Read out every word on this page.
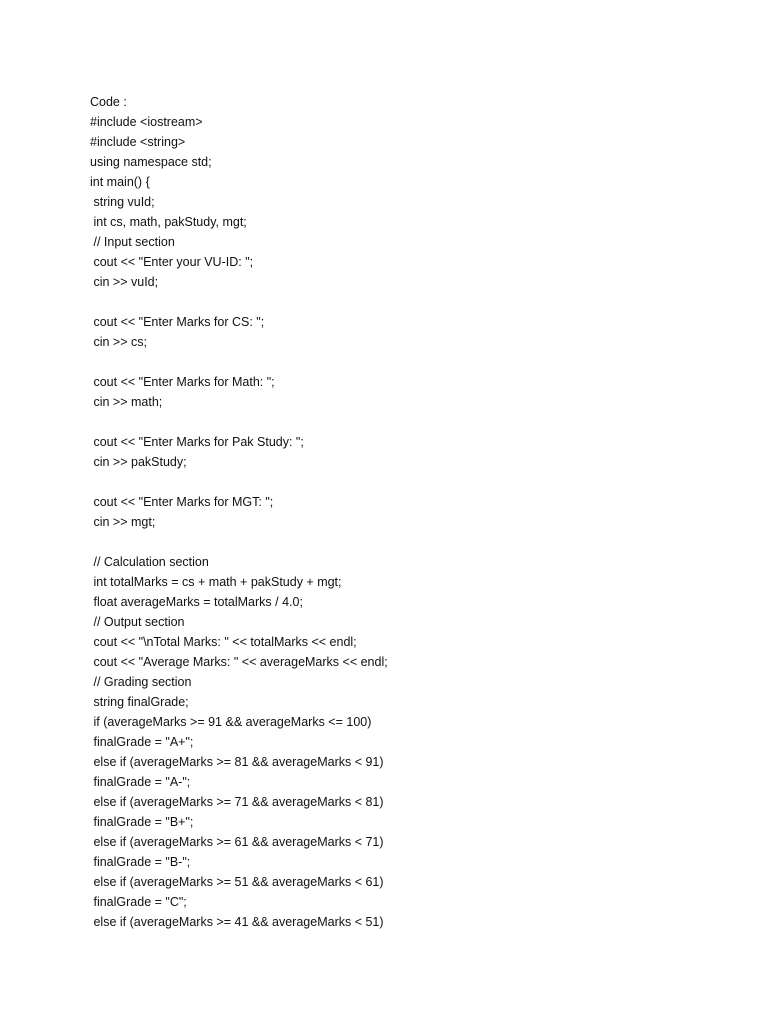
Code :

#include <iostream>

#include <string>

using namespace std;

int main() {

string vuId;

int cs, math, pakStudy, mgt;

// Input section

cout << "Enter your VU-ID: ";

cin >> vuId;

cout << "Enter Marks for CS: ";

cin >> cs;

cout << "Enter Marks for Math: ";

cin >> math;

cout << "Enter Marks for Pak Study: ";

cin >> pakStudy;

cout << "Enter Marks for MGT: ";

cin >> mgt;

// Calculation section

int totalMarks = cs + math + pakStudy + mgt;

float averageMarks = totalMarks / 4.0;

// Output section

cout << "\nTotal Marks: " << totalMarks << endl;

cout << "Average Marks: " << averageMarks << endl;

// Grading section

string finalGrade;

if (averageMarks >= 91 && averageMarks <= 100)

finalGrade = "A+";

else if (averageMarks >= 81 && averageMarks < 91)

finalGrade = "A-";

else if (averageMarks >= 71 && averageMarks < 81)

finalGrade = "B+";

else if (averageMarks >= 61 && averageMarks < 71)

finalGrade = "B-";

else if (averageMarks >= 51 && averageMarks < 61)

finalGrade = "C";

else if (averageMarks >= 41 && averageMarks < 51)
